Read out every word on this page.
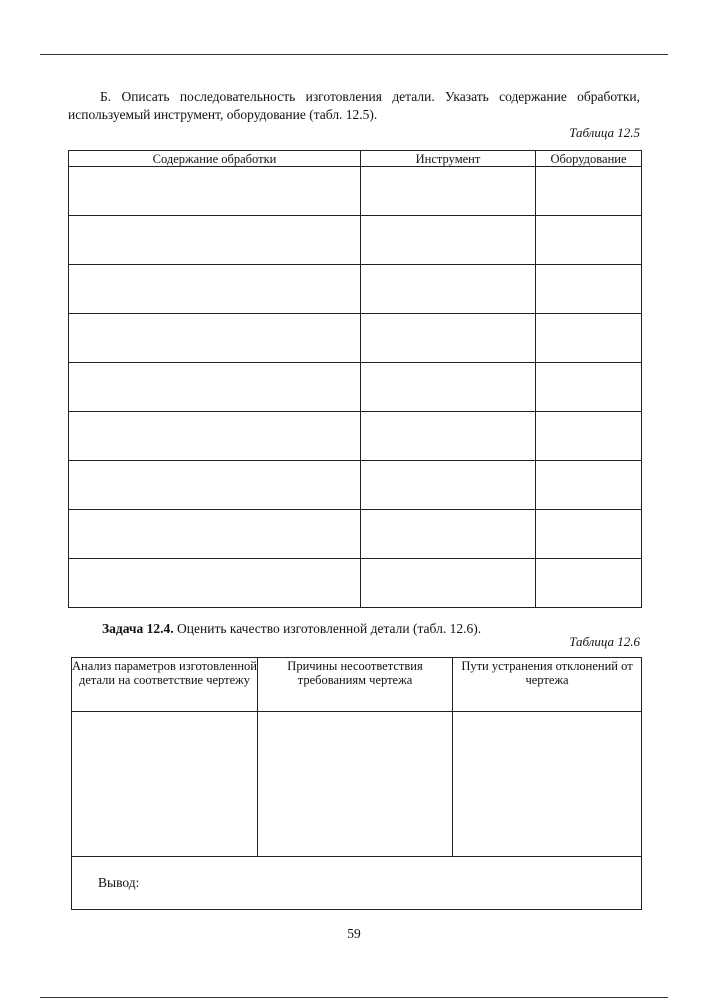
Б. Описать последовательность изготовления детали. Указать содержание обработки, используемый инструмент, оборудование (табл. 12.5).
Таблица 12.5
Содержание обработки	Инструмент	Оборудование

Задача 12.4. Оценить качество изготовленной детали (табл. 12.6).
Таблица 12.6
Анализ параметров изготовленной детали на соответствие чертежу	Причины несоответствия требованиям чертежа	Пути устранения отклонений от чертежа

Вывод:		
59
